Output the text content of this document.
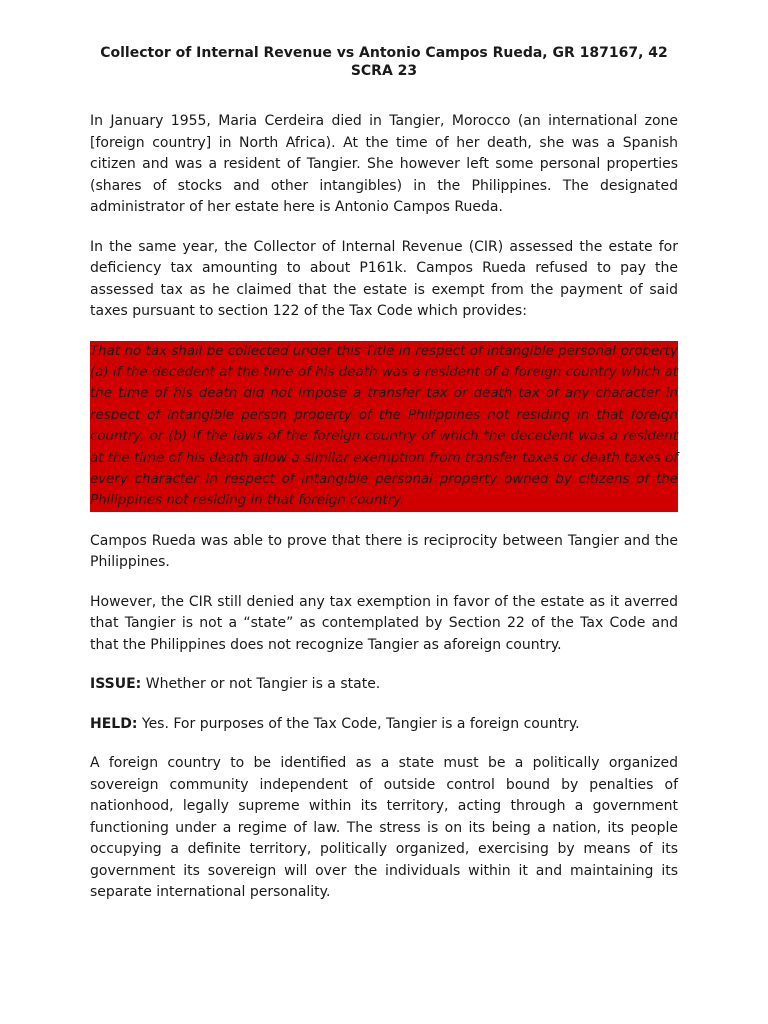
Collector of Internal Revenue vs Antonio Campos Rueda, GR 187167, 42 SCRA 23

In January 1955, Maria Cerdeira died in Tangier, Morocco (an international zone [foreign country] in North Africa). At the time of her death, she was a Spanish citizen and was a resident of Tangier. She however left some personal properties (shares of stocks and other intangibles) in the Philippines. The designated administrator of her estate here is Antonio Campos Rueda.

In the same year, the Collector of Internal Revenue (CIR) assessed the estate for deficiency tax amounting to about P161k. Campos Rueda refused to pay the assessed tax as he claimed that the estate is exempt from the payment of said taxes pursuant to section 122 of the Tax Code which provides:

That no tax shall be collected under this Title in respect of intangible personal property (a) if the decedent at the time of his death was a resident of a foreign country which at the time of his death did not impose a transfer tax or death tax of any character in respect of intangible person property of the Philippines not residing in that foreign country, or (b) if the laws of the foreign country of which the decedent was a resident at the time of his death allow a similar exemption from transfer taxes or death taxes of every character in respect of intangible personal property owned by citizens of the Philippines not residing in that foreign country.

Campos Rueda was able to prove that there is reciprocity between Tangier and the Philippines.

However, the CIR still denied any tax exemption in favor of the estate as it averred that Tangier is not a “state” as contemplated by Section 22 of the Tax Code and that the Philippines does not recognize Tangier as aforeign country.

ISSUE: Whether or not Tangier is a state.

HELD: Yes. For purposes of the Tax Code, Tangier is a foreign country.

A foreign country to be identified as a state must be a politically organized sovereign community independent of outside control bound by penalties of nationhood, legally supreme within its territory, acting through a government functioning under a regime of law. The stress is on its being a nation, its people occupying a definite territory, politically organized, exercising by means of its government its sovereign will over the individuals within it and maintaining its separate international personality.
